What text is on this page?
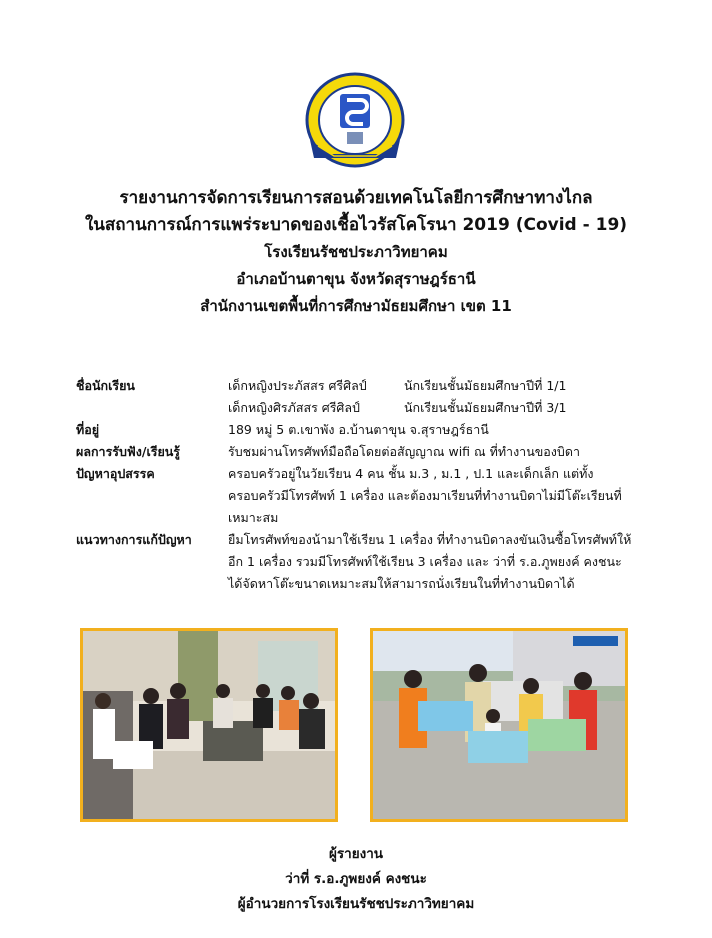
รายงานการจัดการเรียนการสอนด้วยเทคโนโลยีการศึกษาทางไกล
ในสถานการณ์การแพร่ระบาดของเชื้อไวรัสโคโรนา 2019 (Covid - 19)
โรงเรียนรัชชประภาวิทยาคม
อำเภอบ้านตาขุน จังหวัดสุราษฎร์ธานี
สำนักงานเขตพื้นที่การศึกษามัธยมศึกษา เขต 11
ชื่อนักเรียน	เด็กหญิงประภัสสร ศรีศิลป์	นักเรียนชั้นมัธยมศึกษาปีที่ 1/1
เด็กหญิงศิรภัสสร ศรีศิลป์	นักเรียนชั้นมัธยมศึกษาปีที่ 3/1
ที่อยู่	189 หมู่ 5 ต.เขาพัง อ.บ้านตาขุน จ.สุราษฎร์ธานี
ผลการรับฟัง/เรียนรู้	รับชมผ่านโทรศัพท์มือถือโดยต่อสัญญาณ wifi ณ ที่ทำงานของบิดา
ปัญหาอุปสรรค	ครอบครัวอยู่ในวัยเรียน 4 คน ชั้น ม.3 , ม.1 , ป.1 และเด็กเล็ก แต่ทั้ง
ครอบครัวมีโทรศัพท์ 1 เครื่อง และต้องมาเรียนที่ทำงานบิดาไม่มีโต๊ะเรียนที่
เหมาะสม
แนวทางการแก้ปัญหา	ยืมโทรศัพท์ของน้ามาใช้เรียน 1 เครื่อง ที่ทำงานบิดาลงขันเงินซื้อโทรศัพท์ให้
อีก 1 เครื่อง รวมมีโทรศัพท์ใช้เรียน 3 เครื่อง และ ว่าที่ ร.อ.ภูพยงค์ คงชนะ
ได้จัดหาโต๊ะขนาดเหมาะสมให้สามารถนั่งเรียนในที่ทำงานบิดาได้
ผู้รายงาน
ว่าที่ ร.อ.ภูพยงค์ คงชนะ
ผู้อำนวยการโรงเรียนรัชชประภาวิทยาคม
